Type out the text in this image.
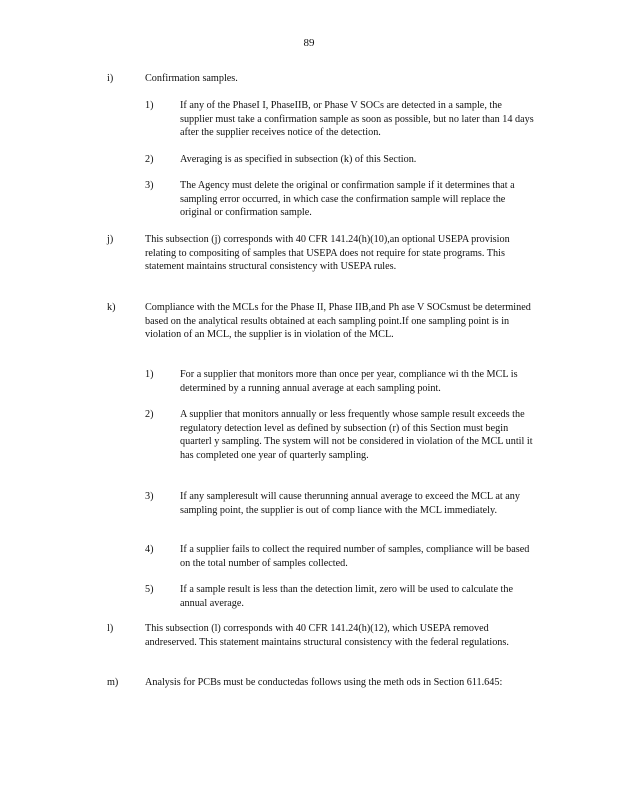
89
i)	Confirmation samples.
1)	If any of the PhaseI I, PhaseIIB, or Phase V SOCs are detected in a sample, the supplier must take a confirmation sample as soon as possible, but no later than 14 days after the supplier receives notice of the detection.
2)	Averaging is as specified in subsection (k) of this Section.
3)	The Agency must delete the original or confirmation sample if it determines that a sampling error occurred, in which case the confirmation sample will replace the original or confirmation sample.
j)	This subsection (j) corresponds with 40 CFR 141.24(h)(10),an optional USEPA provision relating to compositing of samples that USEPA does not require for state programs. This statement maintains structural consistency with USEPA rules.
k)	Compliance with the MCLs for the Phase II, Phase IIB,and Ph ase V SOCsmust be determined based on the analytical results obtained at each sampling point.If one sampling point is in violation of an MCL, the supplier is in violation of the MCL.
1)	For a supplier that monitors more than once per year, compliance wi th the MCL is determined by a running annual average at each sampling point.
2)	A supplier that monitors annually or less frequently whose sample result exceeds the regulatory detection level as defined by subsection (r) of this Section must begin quarterl y sampling. The system will not be considered in violation of the MCL until it has completed one year of quarterly sampling.
3)	If any sampleresult will cause therunning annual average to exceed the MCL at any sampling point, the supplier is out of comp liance with the MCL immediately.
4)	If a supplier fails to collect the required number of samples, compliance will be based on the total number of samples collected.
5)	If a sample result is less than the detection limit, zero will be used to calculate the annual average.
l)	This subsection (l) corresponds with 40 CFR 141.24(h)(12), which USEPA removed andreserved. This statement maintains structural consistency with the federal regulations.
m)	Analysis for PCBs must be conductedas follows using the meth ods in Section 611.645:
